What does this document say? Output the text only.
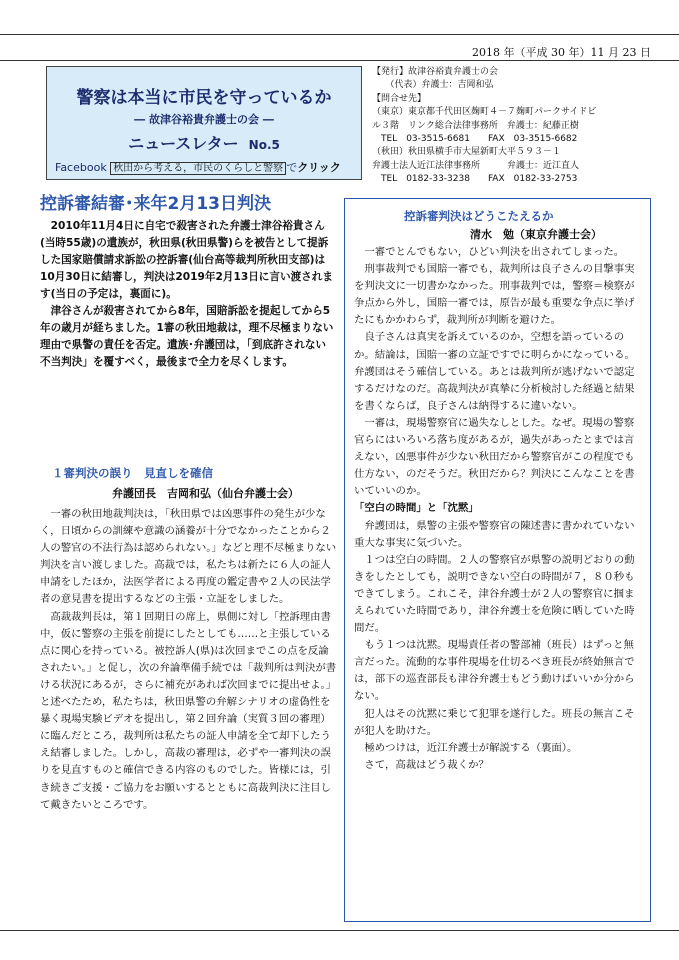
2018 年（平成 30 年）11 月 23 日
警察は本当に市民を守っているか
― 故津谷裕貴弁護士の会 ―
ニュースレター No.5
Facebook 秋田から考える，市民のくらしと警察 でクリック
【発行】故津谷裕貴弁護士の会
　　（代表）弁護士：吉岡和弘
【問合せ先】
（東京）東京都千代田区麹町４－７麹町パークサイドビ
ル３階　リンク総合法律事務所　弁護士：紀藤正樹
　TEL　03-3515-6681　　FAX　03-3515-6682
（秋田）秋田県横手市大屋新町大平５９３－１
弁護士法人近江法律事務所　　　弁護士：近江直人
　TEL　0182-33-3238　　FAX　0182-33-2753
控訴審結審･来年2月13日判決

2010年11月4日に自宅で殺害された弁護士津谷裕貴さん(当時55歳)の遺族が，秋田県(秋田県警)らを被告として提訴した国家賠償請求訴訟の控訴審(仙台高等裁判所秋田支部)は10月30日に結審し，判決は2019年2月13日に言い渡されます(当日の予定は，裏面に)。

津谷さんが殺害されてから8年，国賠訴訟を提起してから5年の歳月が経ちました。1審の秋田地裁は，理不尽極まりない理由で県警の責任を否定。遺族･弁護団は，「到底許されない不当判決」を覆すべく，最後まで全力を尽くします。

１審判決の誤り　見直しを確信
弁護団長　吉岡和弘（仙台弁護士会）

一審の秋田地裁判決は，「秋田県では凶悪事件の発生が少なく，日頃からの訓練や意識の涵養が十分でなかったことから２人の警官の不法行為は認められない。」などと理不尽極まりない判決を言い渡しました。高裁では，私たちは新たに６人の証人申請をしたほか，法医学者による再度の鑑定書や２人の民法学者の意見書を提出するなどの主張・立証をしました。

高裁裁判長は，第１回期日の席上，県側に対し「控訴理由書中，仮に警察の主張を前提にしたとしても……と主張している点に関心を持っている。被控訴人(県)は次回までこの点を反論されたい。」と促し，次の弁論準備手続では「裁判所は判決が書ける状況にあるが，さらに補充があれば次回までに提出せよ。」と述べたため，私たちは，秋田県警の弁解シナリオの虚偽性を暴く現場実験ビデオを提出し，第２回弁論（実質３回の審理）に臨んだところ，裁判所は私たちの証人申請を全て却下したうえ結審しました。しかし，高裁の審理は，必ずや一審判決の誤りを見直すものと確信できる内容のものでした。皆様には，引き続きご支援・ご協力をお願いするとともに高裁判決に注目して戴きたいところです。

控訴審判決はどうこたえるか
清水　勉（東京弁護士会）

一審でとんでもない，ひどい判決を出されてしまった。

刑事裁判でも国賠一審でも，裁判所は良子さんの目撃事実を判決文に一切書かなかった。刑事裁判では，警察＝検察が争点から外し，国賠一審では，原告が最も重要な争点に挙げたにもかかわらず，裁判所が判断を避けた。

良子さんは真実を訴えているのか，空想を語っているのか。結論は，国賠一審の立証ですでに明らかになっている。弁護団はそう確信している。あとは裁判所が逃げないで認定するだけなのだ。高裁判決が真摯に分析検討した経過と結果を書くならば，良子さんは納得するに違いない。

一審は，現場警察官に過失なしとした。なぜ。現場の警察官らにはいろいろ落ち度があるが，過失があったとまでは言えない，凶悪事件が少ない秋田だから警察官がこの程度でも仕方ない，のだそうだ。秋田だから？判決にこんなことを書いていいのか。

「空白の時間」と「沈黙」

弁護団は，県警の主張や警察官の陳述書に書かれていない重大な事実に気づいた。

１つは空白の時間。２人の警察官が県警の説明どおりの動きをしたとしても，説明できない空白の時間が７，８０秒もできてしまう。これこそ，津谷弁護士が２人の警察官に掴まえられていた時間であり，津谷弁護士を危険に晒していた時間だ。

もう１つは沈黙。現場責任者の警部補（班長）はずっと無言だった。流動的な事件現場を仕切るべき班長が終始無言では，部下の巡査部長も津谷弁護士もどう動けばいいか分からない。

犯人はその沈黙に乗じて犯罪を遂行した。班長の無言こそが犯人を助けた。

極めつけは，近江弁護士が解説する（裏面）。

さて，高裁はどう裁くか？
